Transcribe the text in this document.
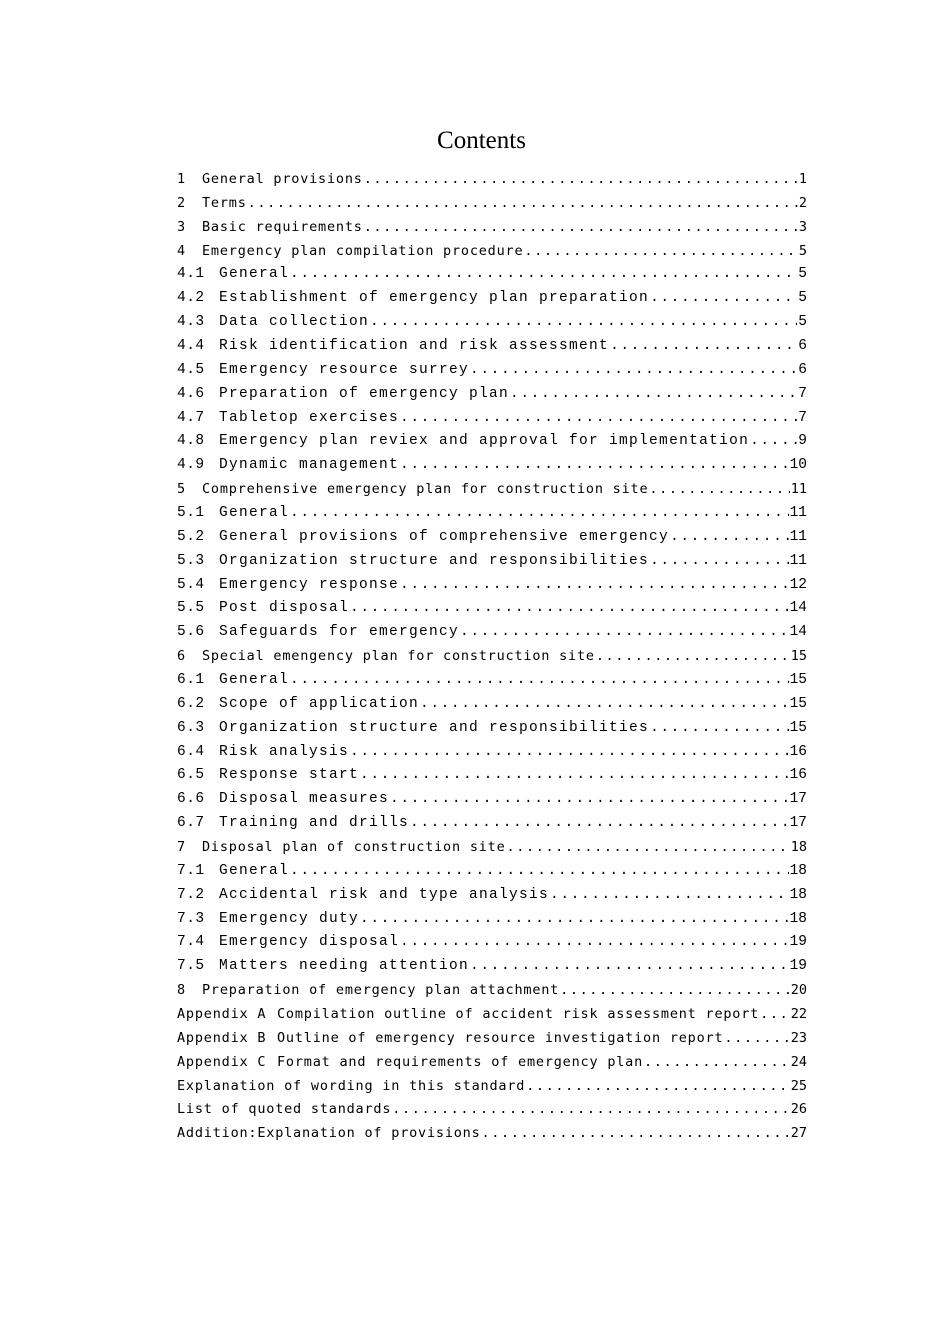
Contents
1	General provisions .....	1
2	Terms .....	2
3	Basic requirements .....	3
4	Emergency plan compilation procedure .....	5
4.1 General .....	5
4.2 Establishment of emergency plan preparation .....	5
4.3 Data collection .....	5
4.4 Risk identification and risk assessment .....	6
4.5 Emergency resource surrey .....	6
4.6 Preparation of emergency plan .....	7
4.7 Tabletop exercises .....	7
4.8 Emergency plan reviex and approval for implementation .....	9
4.9 Dynamic management .....	10
5	Comprehensive emergency plan for construction site .....	11
5.1 General .....	11
5.2 General provisions of comprehensive emergency .....	11
5.3 Organization structure and responsibilities .....	11
5.4 Emergency response .....	12
5.5 Post disposal .....	14
5.6 Safeguards for emergency .....	14
6	Special emengency plan for construction site .....	15
6.1 General .....	15
6.2 Scope of application .....	15
6.3 Organization structure and responsibilities .....	15
6.4 Risk analysis .....	16
6.5 Response start .....	16
6.6 Disposal measures .....	17
6.7 Training and drills .....	17
7	Disposal plan of construction site .....	18
7.1 General .....	18
7.2 Accidental risk and type analysis .....	18
7.3 Emergency duty .....	18
7.4 Emergency disposal .....	19
7.5 Matters needing attention .....	19
8	Preparation of emergency plan attachment .....	20
Appendix A Compilation outline of accident risk assessment report ..... 22
Appendix B Outline of emergency resource investigation report .....	23
Appendix C Format and requirements of emergency plan .....	24
Explanation of wording in this standard .....	25
List of quoted standards .....	26
Addition:Explanation of provisions .....	27
